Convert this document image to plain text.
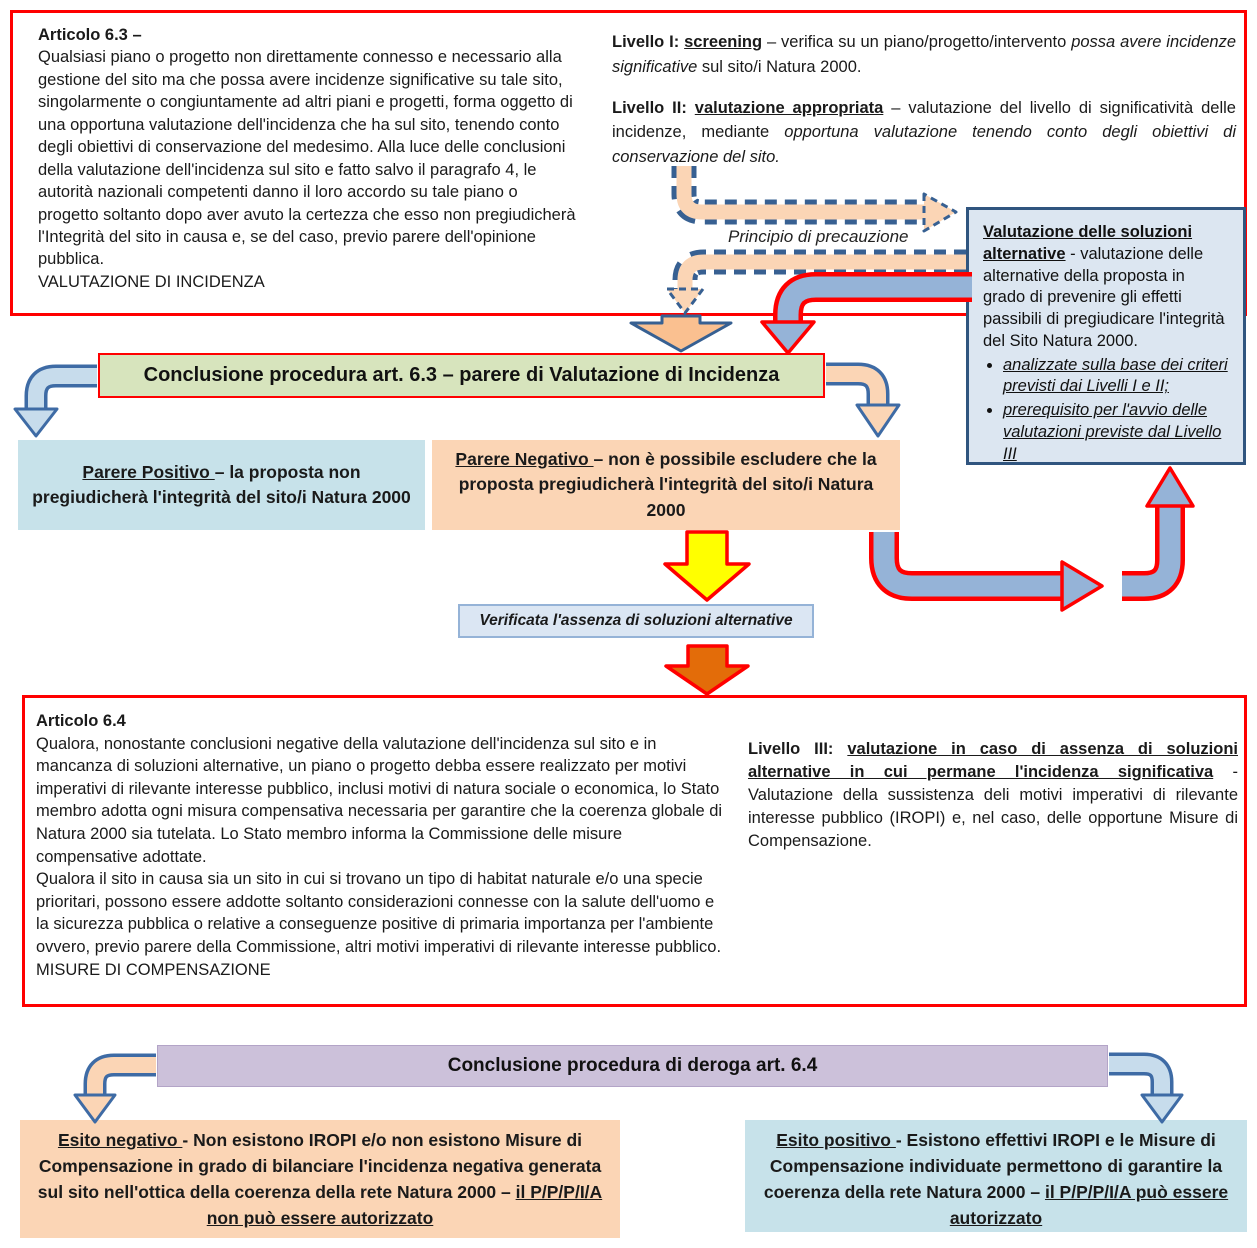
Articolo 6.3 –
Qualsiasi piano o progetto non direttamente connesso e necessario alla gestione del sito ma che possa avere incidenze significative su tale sito, singolarmente o congiuntamente ad altri piani e progetti, forma oggetto di una opportuna valutazione dell'incidenza che ha sul sito, tenendo conto degli obiettivi di conservazione del medesimo. Alla luce delle conclusioni della valutazione dell'incidenza sul sito e fatto salvo il paragrafo 4, le autorità nazionali competenti danno il loro accordo su tale piano o progetto soltanto dopo aver avuto la certezza che esso non pregiudicherà l'Integrità del sito in causa e, se del caso, previo parere dell'opinione pubblica.
VALUTAZIONE DI INCIDENZA
Livello I: screening – verifica su un piano/progetto/intervento possa avere incidenze significative sul sito/i Natura 2000.
Livello II: valutazione appropriata – valutazione del livello di significatività delle incidenze, mediante opportuna valutazione tenendo conto degli obiettivi di conservazione del sito.
Principio di precauzione	Valutazione delle soluzioni alternative - valutazione delle alternative della proposta in grado di prevenire gli effetti passibili di pregiudicare l'integrità del Sito Natura 2000.
• analizzate sulla base dei criteri previsti dai Livelli I e II;
• prerequisito per l'avvio delle valutazioni previste dal Livello III
Conclusione procedura art. 6.3 – parere di Valutazione di Incidenza
Parere Positivo – la proposta non pregiudicherà l'integrità del sito/i Natura 2000
Parere Negativo – non è possibile escludere che la proposta pregiudicherà l'integrità del sito/i Natura 2000
Verificata l'assenza di soluzioni alternative
Articolo 6.4
Qualora, nonostante conclusioni negative della valutazione dell'incidenza sul sito e in mancanza di soluzioni alternative, un piano o progetto debba essere realizzato per motivi imperativi di rilevante interesse pubblico, inclusi motivi di natura sociale o economica, lo Stato membro adotta ogni misura compensativa necessaria per garantire che la coerenza globale di Natura 2000 sia tutelata. Lo Stato membro informa la Commissione delle misure compensative adottate.
Qualora il sito in causa sia un sito in cui si trovano un tipo di habitat naturale e/o una specie prioritari, possono essere addotte soltanto considerazioni connesse con la salute dell'uomo e la sicurezza pubblica o relative a conseguenze positive di primaria importanza per l'ambiente ovvero, previo parere della Commissione, altri motivi imperativi di rilevante interesse pubblico. MISURE DI COMPENSAZIONE
Livello III: valutazione in caso di assenza di soluzioni alternative in cui permane l'incidenza significativa - Valutazione della sussistenza deli motivi imperativi di rilevante interesse pubblico (IROPI) e, nel caso, delle opportune Misure di Compensazione.
Conclusione procedura di deroga art. 6.4
Esito negativo - Non esistono IROPI e/o non esistono Misure di Compensazione in grado di bilanciare l'incidenza negativa generata sul sito nell'ottica della coerenza della rete Natura 2000 – il P/P/P/I/A non può essere autorizzato
Esito positivo - Esistono effettivi IROPI e le Misure di Compensazione individuate permettono di garantire la coerenza della rete Natura 2000 – il P/P/P/I/A può essere autorizzato
